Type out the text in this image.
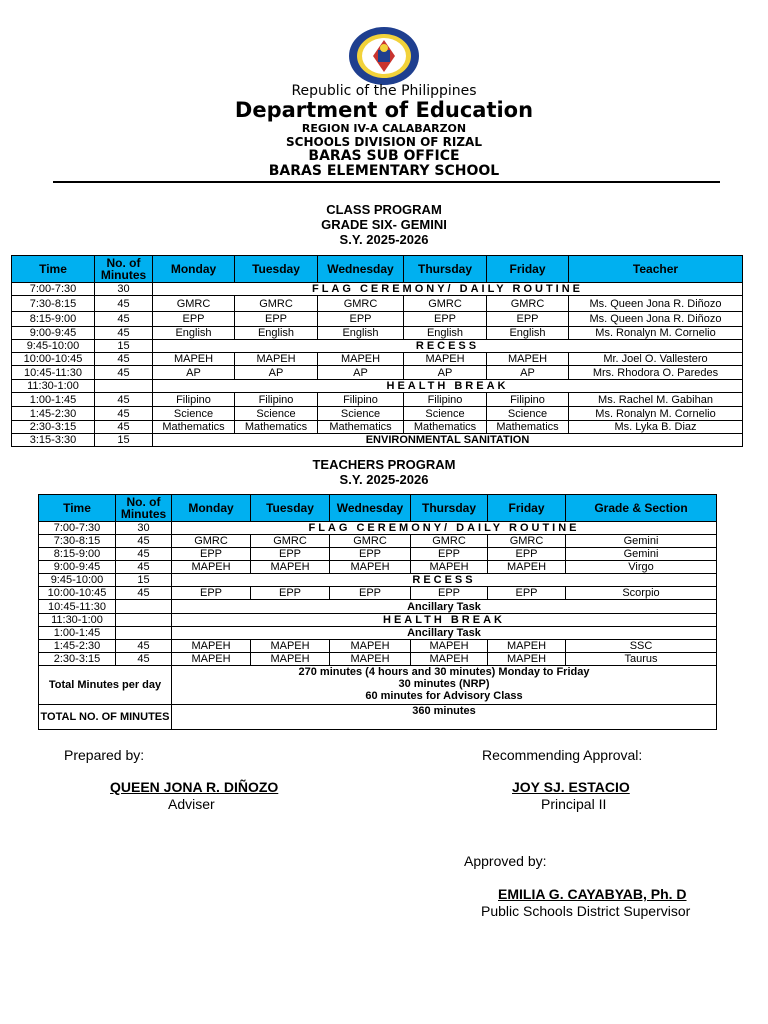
Republic of the Philippines
Department of Education
REGION IV-A CALABARZON
SCHOOLS DIVISION OF RIZAL
BARAS SUB OFFICE
BARAS ELEMENTARY SCHOOL
CLASS PROGRAM
GRADE SIX- GEMINI
S.Y. 2025-2026
Time	No. of Minutes	Monday	Tuesday	Wednesday	Thursday	Friday	Teacher
7:00-7:30	30	FLAG CEREMONY/ DAILY ROUTINE					
7:30-8:15	45	GMRC	GMRC	GMRC	GMRC	GMRC	Ms. Queen Jona R. Diñozo
8:15-9:00	45	EPP	EPP	EPP	EPP	EPP	Ms. Queen Jona R. Diñozo
9:00-9:45	45	English	English	English	English	English	Ms. Ronalyn M. Cornelio
9:45-10:00	15	RECESS					
10:00-10:45	45	MAPEH	MAPEH	MAPEH	MAPEH	MAPEH	Mr. Joel O. Vallestero
10:45-11:30	45	AP	AP	AP	AP	AP	Mrs. Rhodora O. Paredes
11:30-1:00		HEALTH BREAK					
1:00-1:45	45	Filipino	Filipino	Filipino	Filipino	Filipino	Ms. Rachel M. Gabihan
1:45-2:30	45	Science	Science	Science	Science	Science	Ms. Ronalyn M. Cornelio
2:30-3:15	45	Mathematics	Mathematics	Mathematics	Mathematics	Mathematics	Ms. Lyka B. Diaz
3:15-3:30	15	ENVIRONMENTAL SANITATION					
TEACHERS PROGRAM
S.Y. 2025-2026
Time	No. of Minutes	Monday	Tuesday	Wednesday	Thursday	Friday	Grade & Section
7:00-7:30	30	FLAG CEREMONY/ DAILY ROUTINE					
7:30-8:15	45	GMRC	GMRC	GMRC	GMRC	GMRC	Gemini
8:15-9:00	45	EPP	EPP	EPP	EPP	EPP	Gemini
9:00-9:45	45	MAPEH	MAPEH	MAPEH	MAPEH	MAPEH	Virgo
9:45-10:00	15	RECESS					
10:00-10:45	45	EPP	EPP	EPP	EPP	EPP	Scorpio
10:45-11:30		Ancillary Task					
11:30-1:00		HEALTH BREAK					
1:00-1:45		Ancillary Task					
1:45-2:30	45	MAPEH	MAPEH	MAPEH	MAPEH	MAPEH	SSC
2:30-3:15	45	MAPEH	MAPEH	MAPEH	MAPEH	MAPEH	Taurus
Total Minutes per day		270 minutes (4 hours and 30 minutes) Monday to Friday
30 minutes (NRP)
60 minutes for Advisory Class					

TOTAL NO. OF MINUTES		360 minutes					
Prepared by:
QUEEN JONA R. DIÑOZO
Adviser
Recommending Approval:
JOY SJ. ESTACIO
Principal II
Approved by:
EMILIA G. CAYABYAB, Ph. D
Public Schools District Supervisor
